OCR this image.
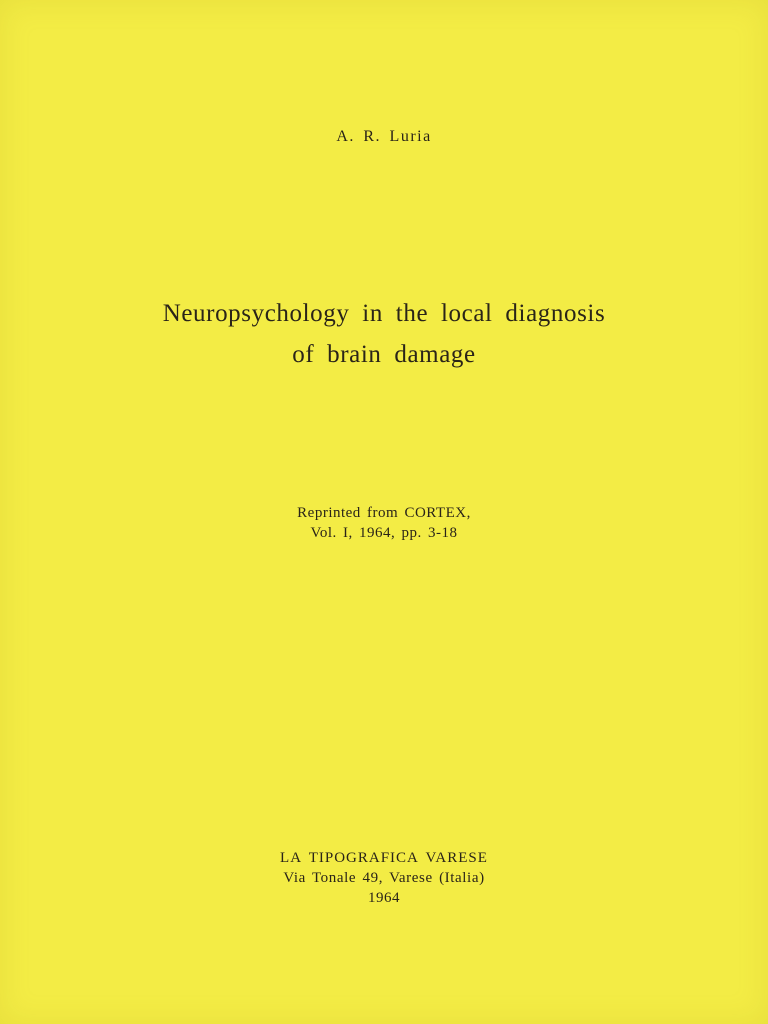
A. R. Luria
Neuropsychology in the local diagnosis
of brain damage
Reprinted from CORTEX,
Vol. I, 1964, pp. 3-18
LA TIPOGRAFICA VARESE
Via Tonale 49, Varese (Italia)
1964
